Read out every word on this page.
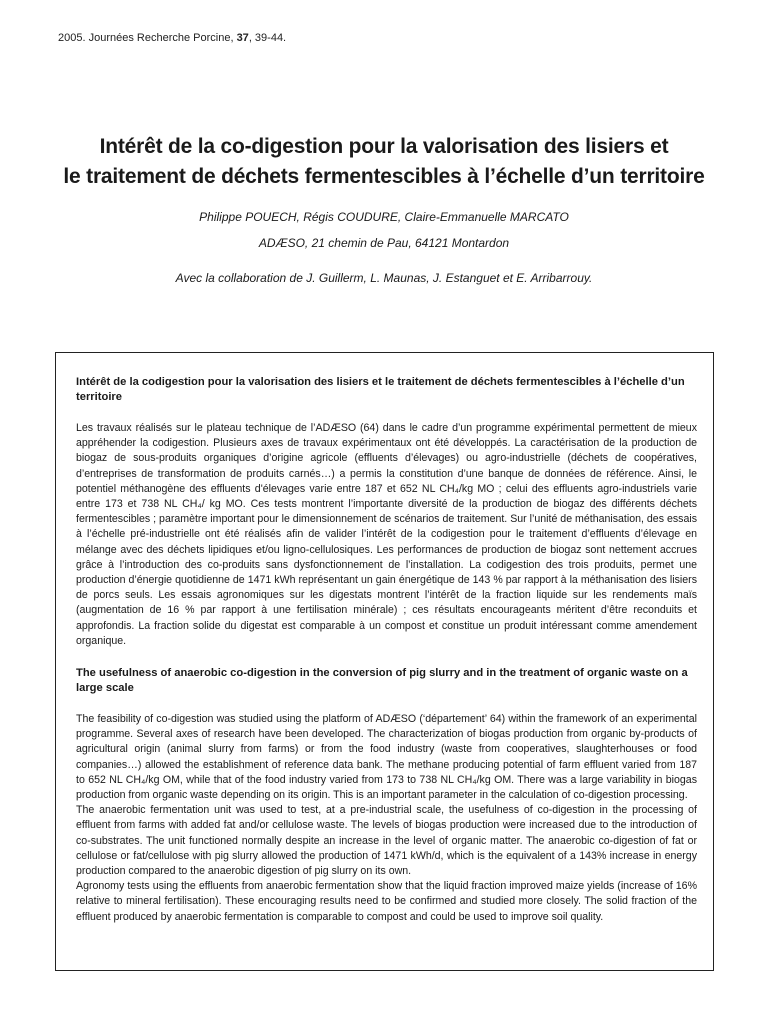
2005. Journées Recherche Porcine, 37, 39-44.
Intérêt de la co-digestion pour la valorisation des lisiers et
le traitement de déchets fermentescibles à l’échelle d’un territoire
Philippe POUECH, Régis COUDURE, Claire-Emmanuelle MARCATO
ADÆSO, 21 chemin de Pau, 64121 Montardon
Avec la collaboration de J. Guillerm, L. Maunas, J. Estanguet et E. Arribarrouy.
Intérêt de la codigestion pour la valorisation des lisiers et le traitement de déchets fermentescibles à l’échelle d’un territoire

Les travaux réalisés sur le plateau technique de l’ADÆSO (64) dans le cadre d’un programme expérimental permettent de mieux appréhender la codigestion. Plusieurs axes de travaux expérimentaux ont été développés. La caractérisation de la production de biogaz de sous-produits organiques d’origine agricole (effluents d’élevages) ou agro-industrielle (déchets de coopératives, d’entreprises de transformation de produits carnés…) a permis la constitution d’une banque de données de référence. Ainsi, le potentiel méthanogène des effluents d'élevages varie entre 187 et 652 NL CH₄/kg MO ; celui des effluents agro-industriels varie entre 173 et 738 NL CH₄/ kg MO. Ces tests montrent l’importante diversité de la production de biogaz des différents déchets fermentescibles ; paramètre important pour le dimensionnement de scénarios de traitement. Sur l’unité de méthanisation, des essais à l’échelle pré-industrielle ont été réalisés afin de valider l’intérêt de la codigestion pour le traitement d’effluents d’élevage en mélange avec des déchets lipidiques et/ou ligno-cellulosiques. Les performances de production de biogaz sont nettement accrues grâce à l’introduction des co-produits sans dysfonctionnement de l’installation. La codigestion des trois produits, permet une production d’énergie quotidienne de 1471 kWh représentant un gain énergétique de 143 % par rapport à la méthanisation des lisiers de porcs seuls. Les essais agronomiques sur les digestats montrent l’intérêt de la fraction liquide sur les rendements maïs (augmentation de 16 % par rapport à une fertilisation minérale) ; ces résultats encourageants méritent d’être reconduits et approfondis. La fraction solide du digestat est comparable à un compost et constitue un produit intéressant comme amendement organique.

The usefulness of anaerobic co-digestion in the conversion of pig slurry and in the treatment of organic waste on a large scale

The feasibility of co-digestion was studied using the platform of ADÆSO (‘département’ 64) within the framework of an experimental programme. Several axes of research have been developed. The characterization of biogas production from organic by-products of agricultural origin (animal slurry from farms) or from the food industry (waste from cooperatives, slaughterhouses or food companies…) allowed the establishment of reference data bank. The methane producing potential of farm effluent varied from 187 to 652 NL CH₄/kg OM, while that of the food industry varied from 173 to 738 NL CH₄/kg OM. There was a large variability in biogas production from organic waste depending on its origin. This is an important parameter in the calculation of co-digestion processing.

The anaerobic fermentation unit was used to test, at a pre-industrial scale, the usefulness of co-digestion in the processing of effluent from farms with added fat and/or cellulose waste. The levels of biogas production were increased due to the introduction of co-substrates. The unit functioned normally despite an increase in the level of organic matter. The anaerobic co-digestion of fat or cellulose or fat/cellulose with pig slurry allowed the production of 1471 kWh/d, which is the equivalent of a 143% increase in energy production compared to the anaerobic digestion of pig slurry on its own.

Agronomy tests using the effluents from anaerobic fermentation show that the liquid fraction improved maize yields (increase of 16% relative to mineral fertilisation). These encouraging results need to be confirmed and studied more closely. The solid fraction of the effluent produced by anaerobic fermentation is comparable to compost and could be used to improve soil quality.
